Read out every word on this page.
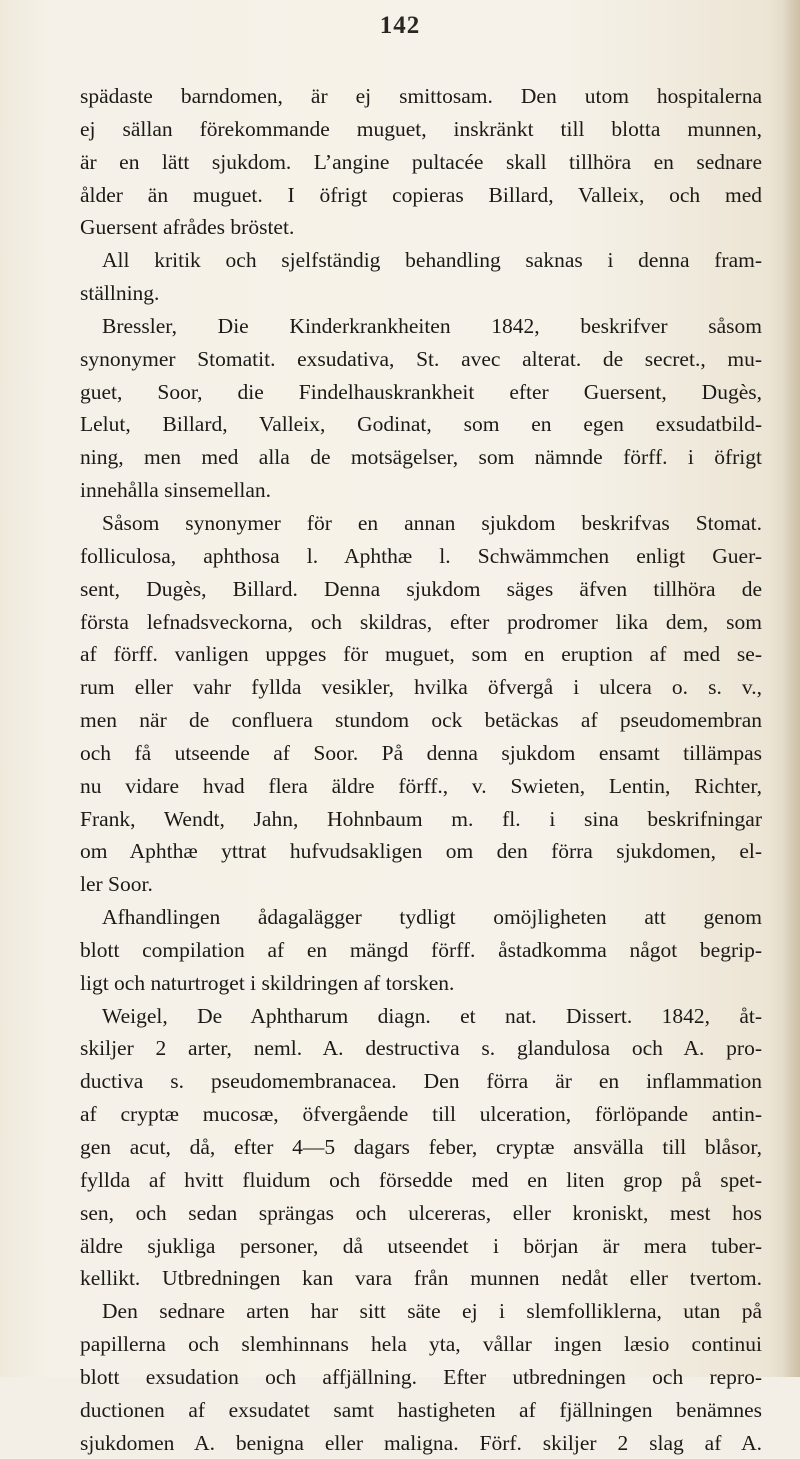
142
spädaste barndomen, är ej smittosam. Den utom hospitalerna
ej sällan förekommande muguet, inskränkt till blotta munnen,
är en lätt sjukdom. L’angine pultacée skall tillhöra en sednare
ålder än muguet. I öfrigt copieras Billard, Valleix, och med
Guersent afrådes bröstet.
All kritik och sjelfständig behandling saknas i denna fram-
ställning.
Bressler, Die Kinderkrankheiten 1842, beskrifver såsom
synonymer Stomatit. exsudativa, St. avec alterat. de secret., mu-
guet, Soor, die Findelhauskrankheit efter Guersent, Dugès,
Lelut, Billard, Valleix, Godinat, som en egen exsudatbild-
ning, men med alla de motsägelser, som nämnde förff. i öfrigt
innehålla sinsemellan.
Såsom synonymer för en annan sjukdom beskrifvas Stomat.
folliculosa, aphthosa l. Aphthæ l. Schwämmchen enligt Guer-
sent, Dugès, Billard. Denna sjukdom säges äfven tillhöra de
första lefnadsveckorna, och skildras, efter prodromer lika dem, som
af förff. vanligen uppges för muguet, som en eruption af med se-
rum eller vahr fyllda vesikler, hvilka öfvergå i ulcera o. s. v.,
men när de confluera stundom ock betäckas af pseudomembran
och få utseende af Soor. På denna sjukdom ensamt tillämpas
nu vidare hvad flera äldre förff., v. Swieten, Lentin, Richter,
Frank, Wendt, Jahn, Hohnbaum m. fl. i sina beskrifningar
om Aphthæ yttrat hufvudsakligen om den förra sjukdomen, el-
ler Soor.
Afhandlingen ådagalägger tydligt omöjligheten att genom
blott compilation af en mängd förff. åstadkomma något begrip-
ligt och naturtroget i skildringen af torsken.
Weigel, De Aphtharum diagn. et nat. Dissert. 1842, åt-
skiljer 2 arter, neml. A. destructiva s. glandulosa och A. pro-
ductiva s. pseudomembranacea. Den förra är en inflammation
af cryptæ mucosæ, öfvergående till ulceration, förlöpande antin-
gen acut, då, efter 4—5 dagars feber, cryptæ ansvälla till blåsor,
fyllda af hvitt fluidum och försedde med en liten grop på spet-
sen, och sedan sprängas och ulcereras, eller kroniskt, mest hos
äldre sjukliga personer, då utseendet i början är mera tuber-
kellikt. Utbredningen kan vara från munnen nedåt eller tvertom.
Den sednare arten har sitt säte ej i slemfolliklerna, utan på
papillerna och slemhinnans hela yta, vållar ingen læsio continui
blott exsudation och affjällning. Efter utbredningen och repro-
ductionen af exsudatet samt hastigheten af fjällningen benämnes
sjukdomen A. benigna eller maligna. Förf. skiljer 2 slag af A.
